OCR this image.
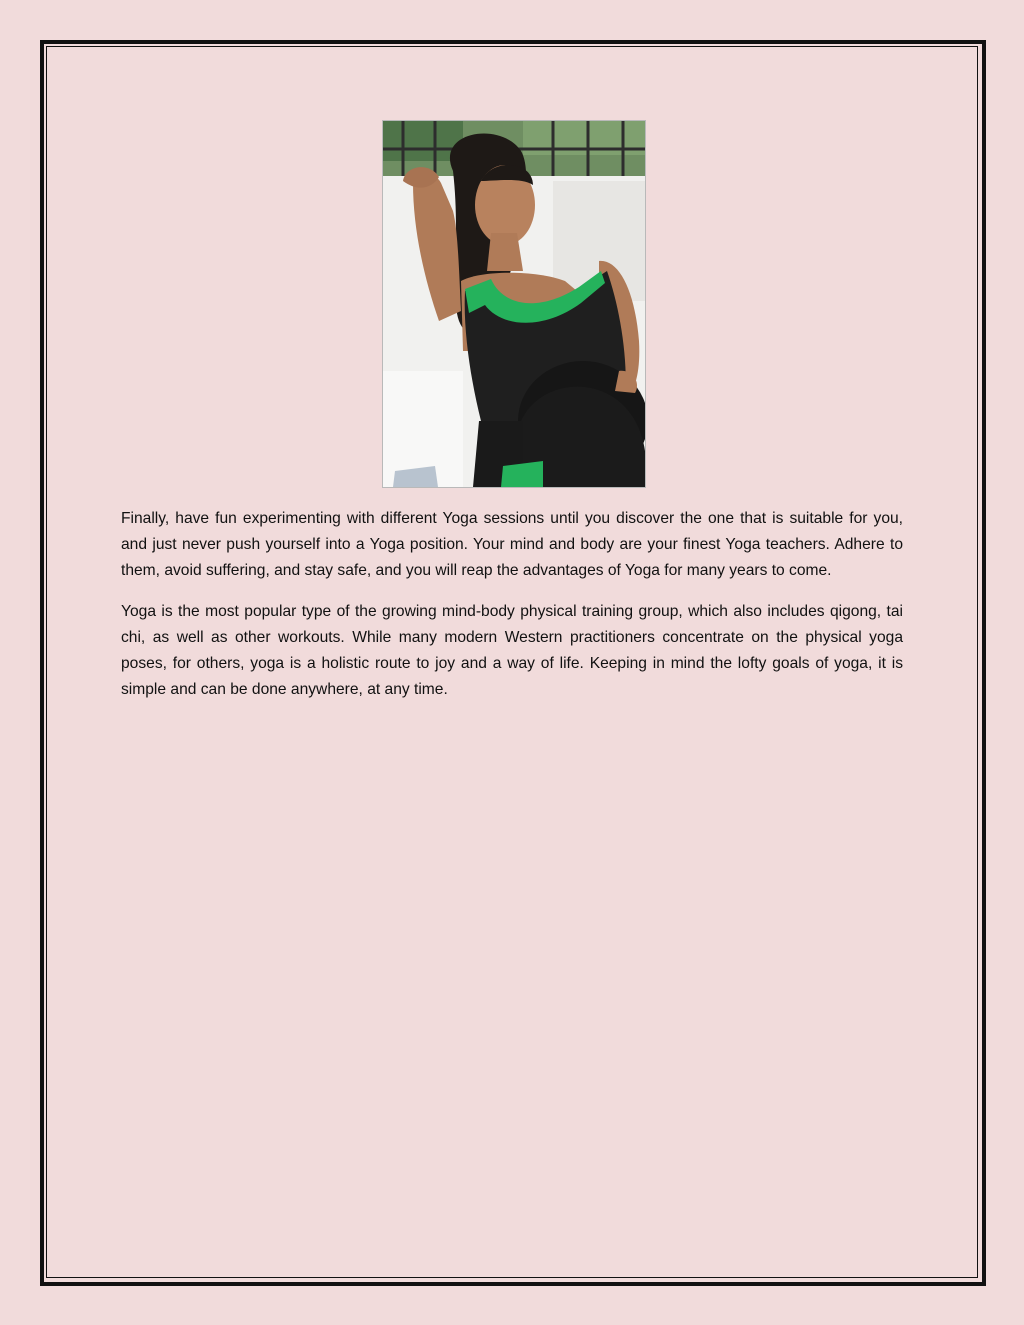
Finally, have fun experimenting with different Yoga sessions until you discover the one that is suitable for you, and just never push yourself into a Yoga position. Your mind and body are your finest Yoga teachers. Adhere to them, avoid suffering, and stay safe, and you will reap the advantages of Yoga for many years to come.

Yoga is the most popular type of the growing mind-body physical training group, which also includes qigong, tai chi, as well as other workouts. While many modern Western practitioners concentrate on the physical yoga poses, for others, yoga is a holistic route to joy and a way of life. Keeping in mind the lofty goals of yoga, it is simple and can be done anywhere, at any time.
